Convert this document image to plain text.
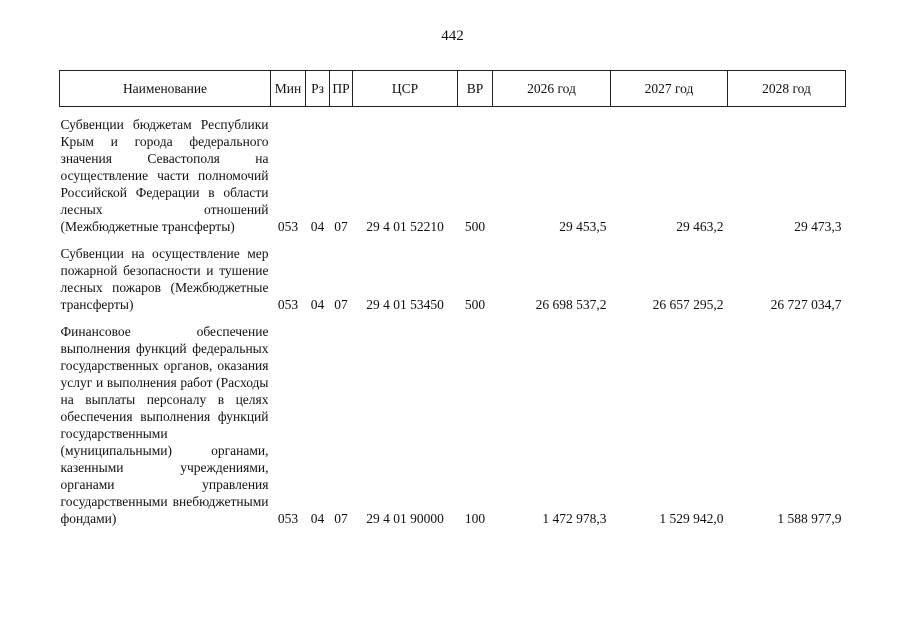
442
Наименование	Мин	Рз	ПР	ЦСР	ВР	2026 год	2027 год	2028 год
Субвенции бюджетам Республики Крым и города федерального значения Севастополя на осуществление части полномочий Российской Федерации в области лесных отношений (Межбюджетные трансферты)	053	04	07	29 4 01 52210	500	29 453,5	29 463,2	29 473,3
Субвенции на осуществление мер пожарной безопасности и тушение лесных пожаров (Межбюджетные трансферты)	053	04	07	29 4 01 53450	500	26 698 537,2	26 657 295,2	26 727 034,7
Финансовое обеспечение выполнения функций федеральных государственных органов, оказания услуг и выполнения работ (Расходы на выплаты персоналу в целях обеспечения выполнения функций государственными (муниципальными) органами, казенными учреждениями, органами управления государственными внебюджетными фондами)	053	04	07	29 4 01 90000	100	1 472 978,3	1 529 942,0	1 588 977,9
